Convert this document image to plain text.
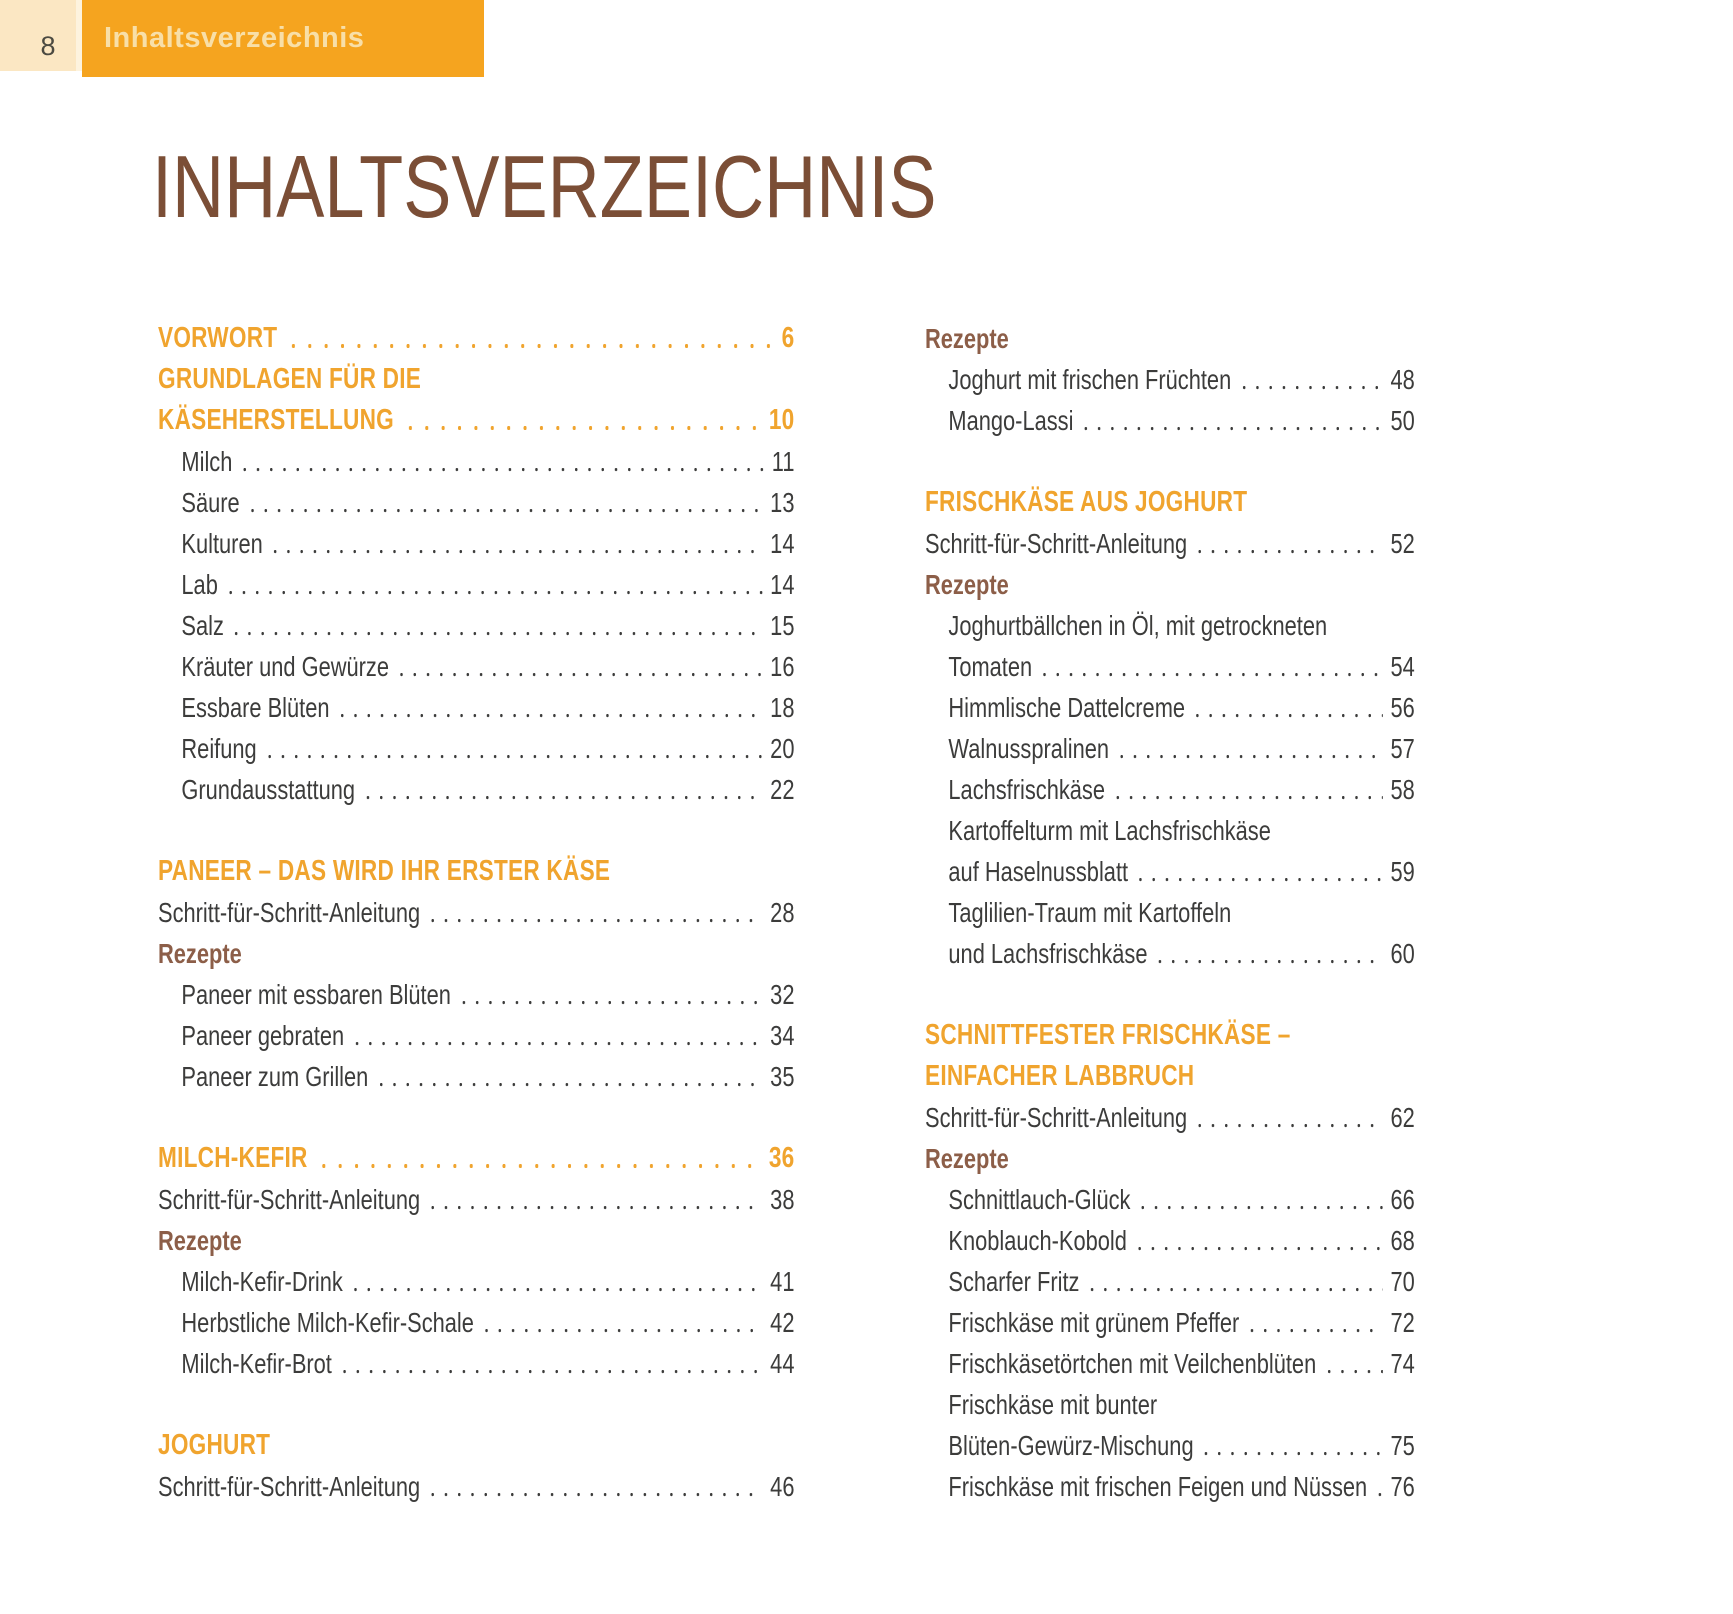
8 Inhaltsverzeichnis
INHALTSVERZEICHNIS
VORWORT	6
GRUNDLAGEN FÜR DIE
KÄSEHERSTELLUNG	10
Milch	11
Säure	13
Kulturen	14
Lab	14
Salz	15
Kräuter und Gewürze	16
Essbare Blüten	18
Reifung	20
Grundausstattung	22
PANEER – DAS WIRD IHR ERSTER KÄSE
Schritt-für-Schritt-Anleitung	28
Rezepte
Paneer mit essbaren Blüten	32
Paneer gebraten	34
Paneer zum Grillen	35
MILCH-KEFIR	36
Schritt-für-Schritt-Anleitung	38
Rezepte
Milch-Kefir-Drink	41
Herbstliche Milch-Kefir-Schale	42
Milch-Kefir-Brot	44
JOGHURT
Schritt-für-Schritt-Anleitung	46
Rezepte
Joghurt mit frischen Früchten	48
Mango-Lassi	50
FRISCHKÄSE AUS JOGHURT
Schritt-für-Schritt-Anleitung	52
Rezepte
Joghurtbällchen in Öl, mit getrockneten
Tomaten	54
Himmlische Dattelcreme	56
Walnusspralinen	57
Lachsfrischkäse	58
Kartoffelturm mit Lachsfrischkäse
auf Haselnussblatt	59
Taglilien-Traum mit Kartoffeln
und Lachsfrischkäse	60
SCHNITTFESTER FRISCHKÄSE –
EINFACHER LABBRUCH
Schritt-für-Schritt-Anleitung	62
Rezepte
Schnittlauch-Glück	66
Knoblauch-Kobold	68
Scharfer Fritz	70
Frischkäse mit grünem Pfeffer	72
Frischkäsetörtchen mit Veilchenblüten	74
Frischkäse mit bunter
Blüten-Gewürz-Mischung	75
Frischkäse mit frischen Feigen und Nüssen 76
